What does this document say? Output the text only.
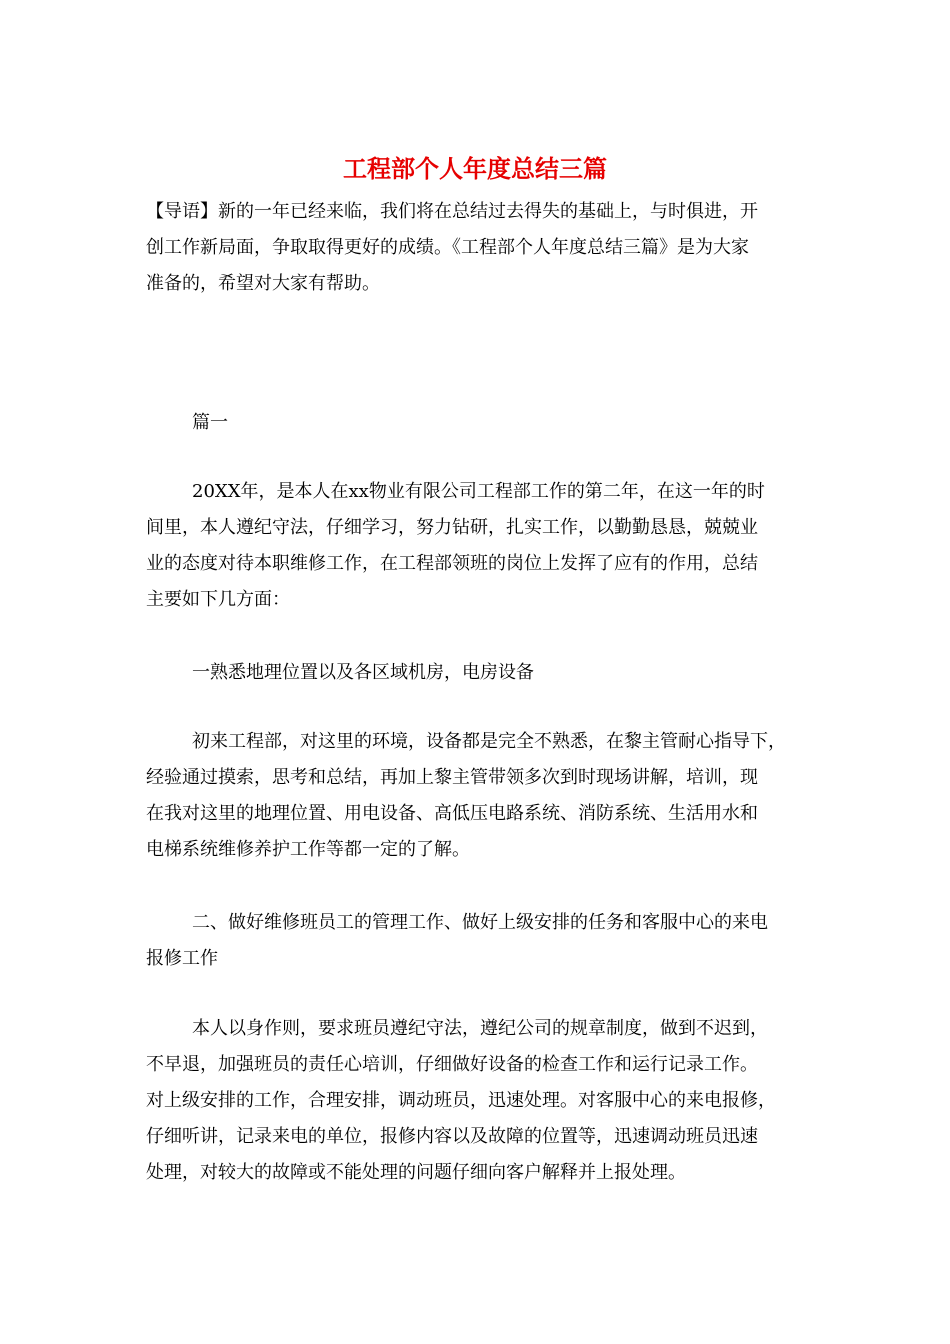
工程部个人年度总结三篇
【导语】新的一年已经来临，我们将在总结过去得失的基础上，与时俱进，开
创工作新局面，争取取得更好的成绩。《工程部个人年度总结三篇》是为大家
准备的，希望对大家有帮助。
篇一
20XX年，是本人在xx物业有限公司工程部工作的第二年，在这一年的时
间里，本人遵纪守法，仔细学习，努力钻研，扎实工作，以勤勤恳恳，兢兢业
业的态度对待本职维修工作，在工程部领班的岗位上发挥了应有的作用，总结
主要如下几方面：
一熟悉地理位置以及各区域机房，电房设备
初来工程部，对这里的环境，设备都是完全不熟悉，在黎主管耐心指导下，
经验通过摸索，思考和总结，再加上黎主管带领多次到时现场讲解，培训，现
在我对这里的地理位置、用电设备、高低压电路系统、消防系统、生活用水和
电梯系统维修养护工作等都一定的了解。
二、做好维修班员工的管理工作、做好上级安排的任务和客服中心的来电
报修工作
本人以身作则，要求班员遵纪守法，遵纪公司的规章制度，做到不迟到，
不早退，加强班员的责任心培训，仔细做好设备的检查工作和运行记录工作。
对上级安排的工作，合理安排，调动班员，迅速处理。对客服中心的来电报修，
仔细听讲，记录来电的单位，报修内容以及故障的位置等，迅速调动班员迅速
处理，对较大的故障或不能处理的问题仔细向客户解释并上报处理。
